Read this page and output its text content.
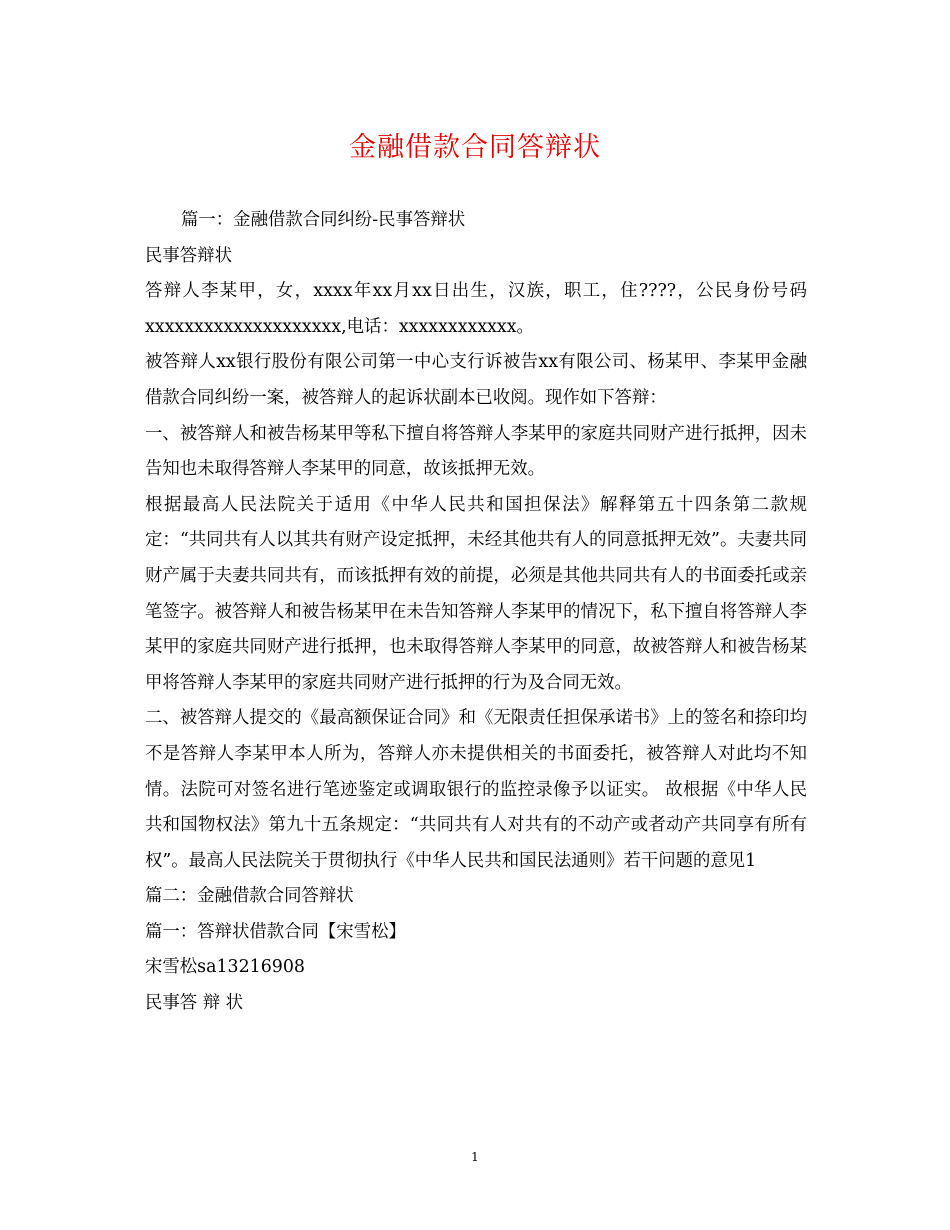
金融借款合同答辩状

篇一：金融借款合同纠纷-民事答辩状

民事答辩状

答辩人李某甲，女，xxxx年xx月xx日出生，汉族，职工，住????，公民身份号码xxxxxxxxxxxxxxxxxxxx,电话：xxxxxxxxxxxx。

被答辩人xx银行股份有限公司第一中心支行诉被告xx有限公司、杨某甲、李某甲金融借款合同纠纷一案，被答辩人的起诉状副本已收阅。现作如下答辩：

一、被答辩人和被告杨某甲等私下擅自将答辩人李某甲的家庭共同财产进行抵押，因未告知也未取得答辩人李某甲的同意，故该抵押无效。

根据最高人民法院关于适用《中华人民共和国担保法》解释第五十四条第二款规定：“共同共有人以其共有财产设定抵押，未经其他共有人的同意抵押无效”。夫妻共同财产属于夫妻共同共有，而该抵押有效的前提，必须是其他共同共有人的书面委托或亲笔签字。被答辩人和被告杨某甲在未告知答辩人李某甲的情况下，私下擅自将答辩人李某甲的家庭共同财产进行抵押，也未取得答辩人李某甲的同意，故被答辩人和被告杨某甲将答辩人李某甲的家庭共同财产进行抵押的行为及合同无效。

二、被答辩人提交的《最高额保证合同》和《无限责任担保承诺书》上的签名和捺印均不是答辩人李某甲本人所为，答辩人亦未提供相关的书面委托，被答辩人对此均不知情。法院可对签名进行笔迹鉴定或调取银行的监控录像予以证实。 故根据《中华人民共和国物权法》第九十五条规定：“共同共有人对共有的不动产或者动产共同享有所有权”。最高人民法院关于贯彻执行《中华人民共和国民法通则》若干问题的意见1

篇二：金融借款合同答辩状

篇一：答辩状借款合同【宋雪松】

宋雪松sa13216908

民事答 辩 状

1
